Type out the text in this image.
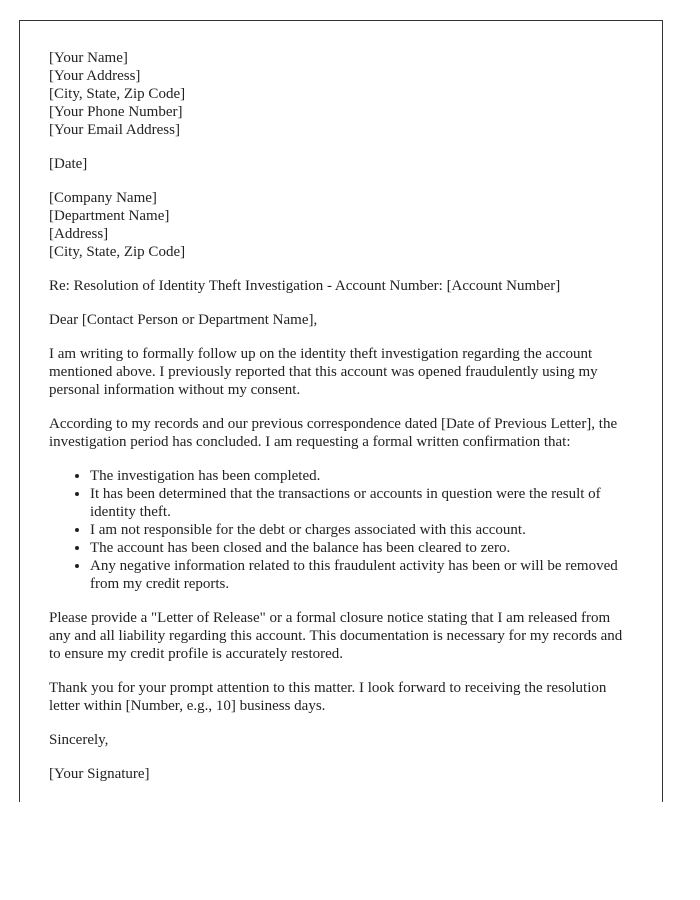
[Your Name]
[Your Address]
[City, State, Zip Code]
[Your Phone Number]
[Your Email Address]

[Date]

[Company Name]
[Department Name]
[Address]
[City, State, Zip Code]

Re: Resolution of Identity Theft Investigation - Account Number: [Account Number]

Dear [Contact Person or Department Name],

I am writing to formally follow up on the identity theft investigation regarding the account mentioned above. I previously reported that this account was opened fraudulently using my personal information without my consent.

According to my records and our previous correspondence dated [Date of Previous Letter], the investigation period has concluded. I am requesting a formal written confirmation that:

• The investigation has been completed.
• It has been determined that the transactions or accounts in question were the result of identity theft.
• I am not responsible for the debt or charges associated with this account.
• The account has been closed and the balance has been cleared to zero.
• Any negative information related to this fraudulent activity has been or will be removed from my credit reports.

Please provide a "Letter of Release" or a formal closure notice stating that I am released from any and all liability regarding this account. This documentation is necessary for my records and to ensure my credit profile is accurately restored.

Thank you for your prompt attention to this matter. I look forward to receiving the resolution letter within [Number, e.g., 10] business days.

Sincerely,

[Your Signature]
